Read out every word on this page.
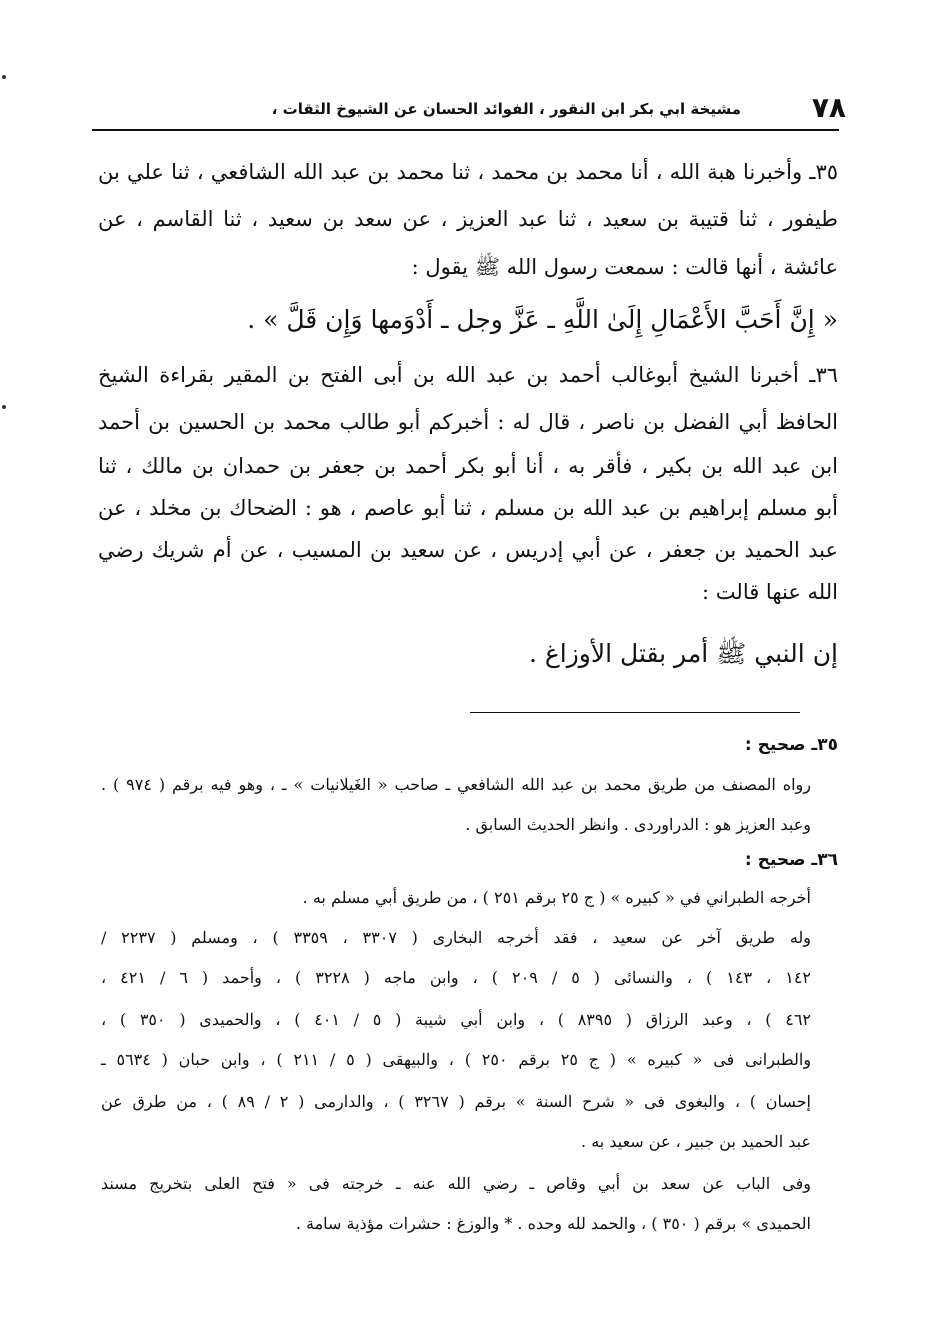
٧٨
مشيخة ابي بكر ابن النقور ، الفوائد الحسان عن الشيوخ الثقات ،
٣٥ـ وأخبرنا هبة الله ، أنا محمد بن محمد ، ثنا محمد بن عبد الله الشافعي ، ثنا علي بن
طيفور ، ثنا قتيبة بن سعيد ، ثنا عبد العزيز ، عن سعد بن سعيد ، ثنا القاسم ، عن
عائشة ، أنها قالت : سمعت رسول الله ﷺ يقول :
« إِنَّ أَحَبَّ الأَعْمَالِ إِلَىٰ اللَّهِ ـ عَزَّ وجل ـ أَدْوَمها وَإِن قَلَّ » .
٣٦ـ أخبرنا الشيخ أبوغالب أحمد بن عبد الله بن أبى الفتح بن المقير بقراءة الشيخ
الحافظ أبي الفضل بن ناصر ، قال له : أخبركم أبو طالب محمد بن الحسين بن أحمد
ابن عبد الله بن بكير ، فأقر به ، أنا أبو بكر أحمد بن جعفر بن حمدان بن مالك ، ثنا
أبو مسلم إبراهيم بن عبد الله بن مسلم ، ثنا أبو عاصم ، هو : الضحاك بن مخلد ، عن
عبد الحميد بن جعفر ، عن أبي إدريس ، عن سعيد بن المسيب ، عن أم شريك رضي
الله عنها قالت :
إن النبي ﷺ أمر بقتل الأوزاغ .
٣٥ـ صحيح :
رواه المصنف من طريق محمد بن عبد الله الشافعي ـ صاحب « الغَيلانيات » ـ ، وهو فيه برقم ( ٩٧٤ ) .
وعبد العزيز هو : الدراوردى . وانظر الحديث السابق .
٣٦ـ صحيح :
أخرجه الطبراني في « كبيره » ( ج ٢٥ برقم ٢٥١ ) ، من طريق أبي مسلم به .
وله طريق آخر عن سعيد ، فقد أخرجه البخارى ( ٣٣٠٧ ، ٣٣٥٩ ) ، ومسلم ( ٢٢٣٧ /
١٤٢ ، ١٤٣ ) ، والنسائى ( ٥ / ٢٠٩ ) ، وابن ماجه ( ٣٢٢٨ ) ، وأحمد ( ٦ / ٤٢١ ،
٤٦٢ ) ، وعبد الرزاق ( ٨٣٩٥ ) ، وابن أبي شيبة ( ٥ / ٤٠١ ) ، والحميدى ( ٣٥٠ ) ،
والطبرانى فى « كبيره » ( ج ٢٥ برقم ٢٥٠ ) ، والبيهقى ( ٥ / ٢١١ ) ، وابن حبان ( ٥٦٣٤ ـ
إحسان ) ، والبغوى فى « شرح السنة » برقم ( ٣٢٦٧ ) ، والدارمى ( ٢ / ٨٩ ) ، من طرق عن
عبد الحميد بن جبير ، عن سعيد به .
وفى الباب عن سعد بن أبي وقاص ـ رضي الله عنه ـ خرجته فى « فتح العلى بتخريج مسند
الحميدى » برقم ( ٣٥٠ ) ، والحمد لله وحده . * والوزغ : حشرات مؤذية سامة .
